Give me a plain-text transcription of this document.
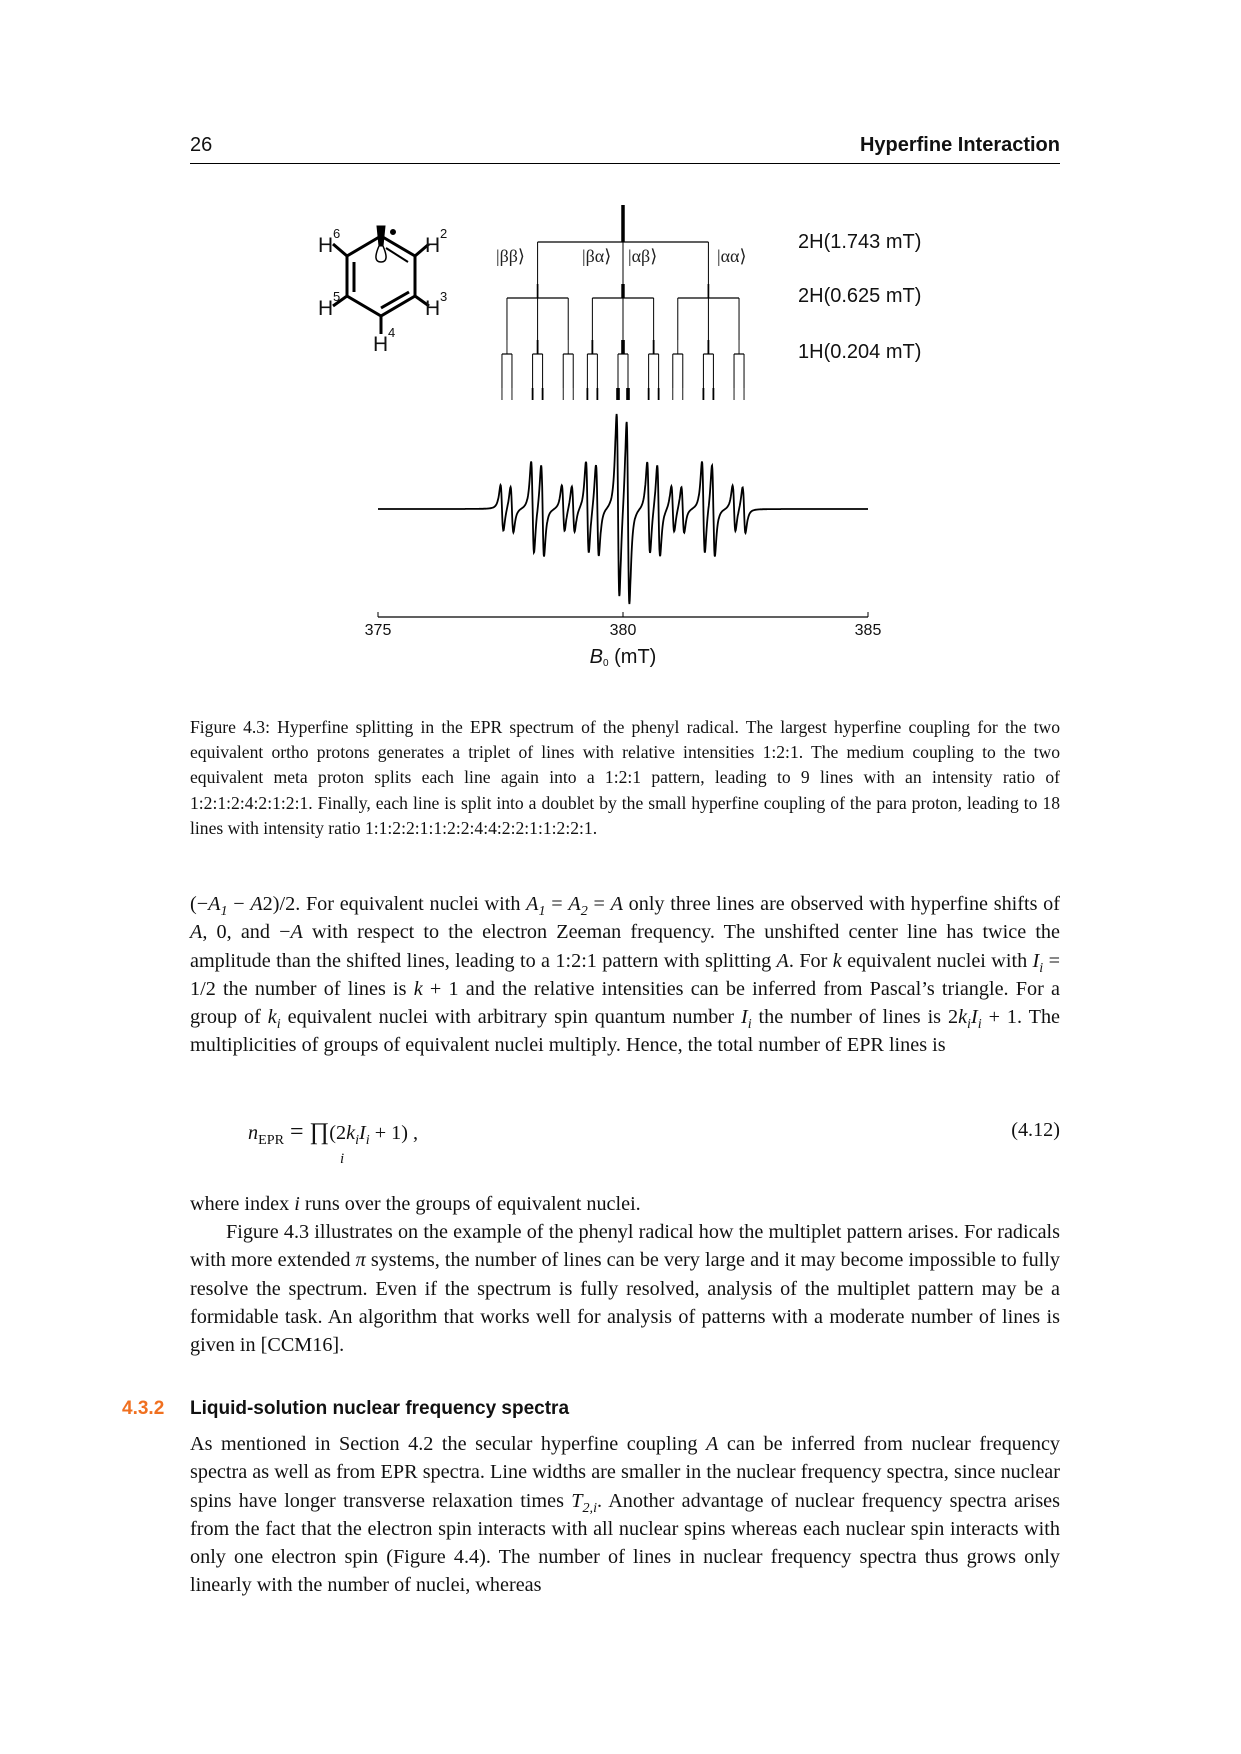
26	Hyperfine Interaction
H
6
H
2
H
5
H
3
H
4
|ββ⟩	|βα⟩ |αβ⟩	|αα⟩
2H(1.743 mT)
2H(0.625 mT)
1H(0.204 mT)
375	380	385
B0 (mT)
Figure 4.3: Hyperfine splitting in the EPR spectrum of the phenyl radical. The largest hyperfine coupling for the two equivalent ortho protons generates a triplet of lines with relative intensities 1:2:1. The medium coupling to the two equivalent meta proton splits each line again into a 1:2:1 pattern, leading to 9 lines with an intensity ratio of 1:2:1:2:4:2:1:2:1. Finally, each line is split into a doublet by the small hyperfine coupling of the para proton, leading to 18 lines with intensity ratio 1:1:2:2:1:1:2:2:4:4:2:2:1:1:2:2:1.
$(-A_1 - A2)/2$. For equivalent nuclei with $A_1 = A_2 = A$ only three lines are observed with hyperfine shifts of A, 0, and −A with respect to the electron Zeeman frequency. The unshifted center line has twice the amplitude than the shifted lines, leading to a 1:2:1 pattern with splitting A. For k equivalent nuclei with $I_i = 1/2$ the number of lines is k + 1 and the relative intensities can be inferred from Pascal’s triangle. For a group of $k_i$ equivalent nuclei with arbitrary spin quantum number $I_i$ the number of lines is $2k_iI_i + 1$. The multiplicities of groups of equivalent nuclei multiply. Hence, the total number of EPR lines is
$n_{EPR}$ = $\prod(2k_iI_i + 1)$ ,
i
(4.12)
where index i runs over the groups of equivalent nuclei.
Figure 4.3 illustrates on the example of the phenyl radical how the multiplet pattern arises. For radicals with more extended π systems, the number of lines can be very large and it may become impossible to fully resolve the spectrum. Even if the spectrum is fully resolved, analysis of the multiplet pattern may be a formidable task. An algorithm that works well for analysis of patterns with a moderate number of lines is given in [CCM16].
4.3.2 Liquid-solution nuclear frequency spectra
As mentioned in Section 4.2 the secular hyperfine coupling A can be inferred from nuclear frequency spectra as well as from EPR spectra. Line widths are smaller in the nuclear frequency spectra, since nuclear spins have longer transverse relaxation times $T_{2,i}$. Another advantage of nuclear frequency spectra arises from the fact that the electron spin interacts with all nuclear spins whereas each nuclear spin interacts with only one electron spin (Figure 4.4). The number of lines in nuclear frequency spectra thus grows only linearly with the number of nuclei, whereas
